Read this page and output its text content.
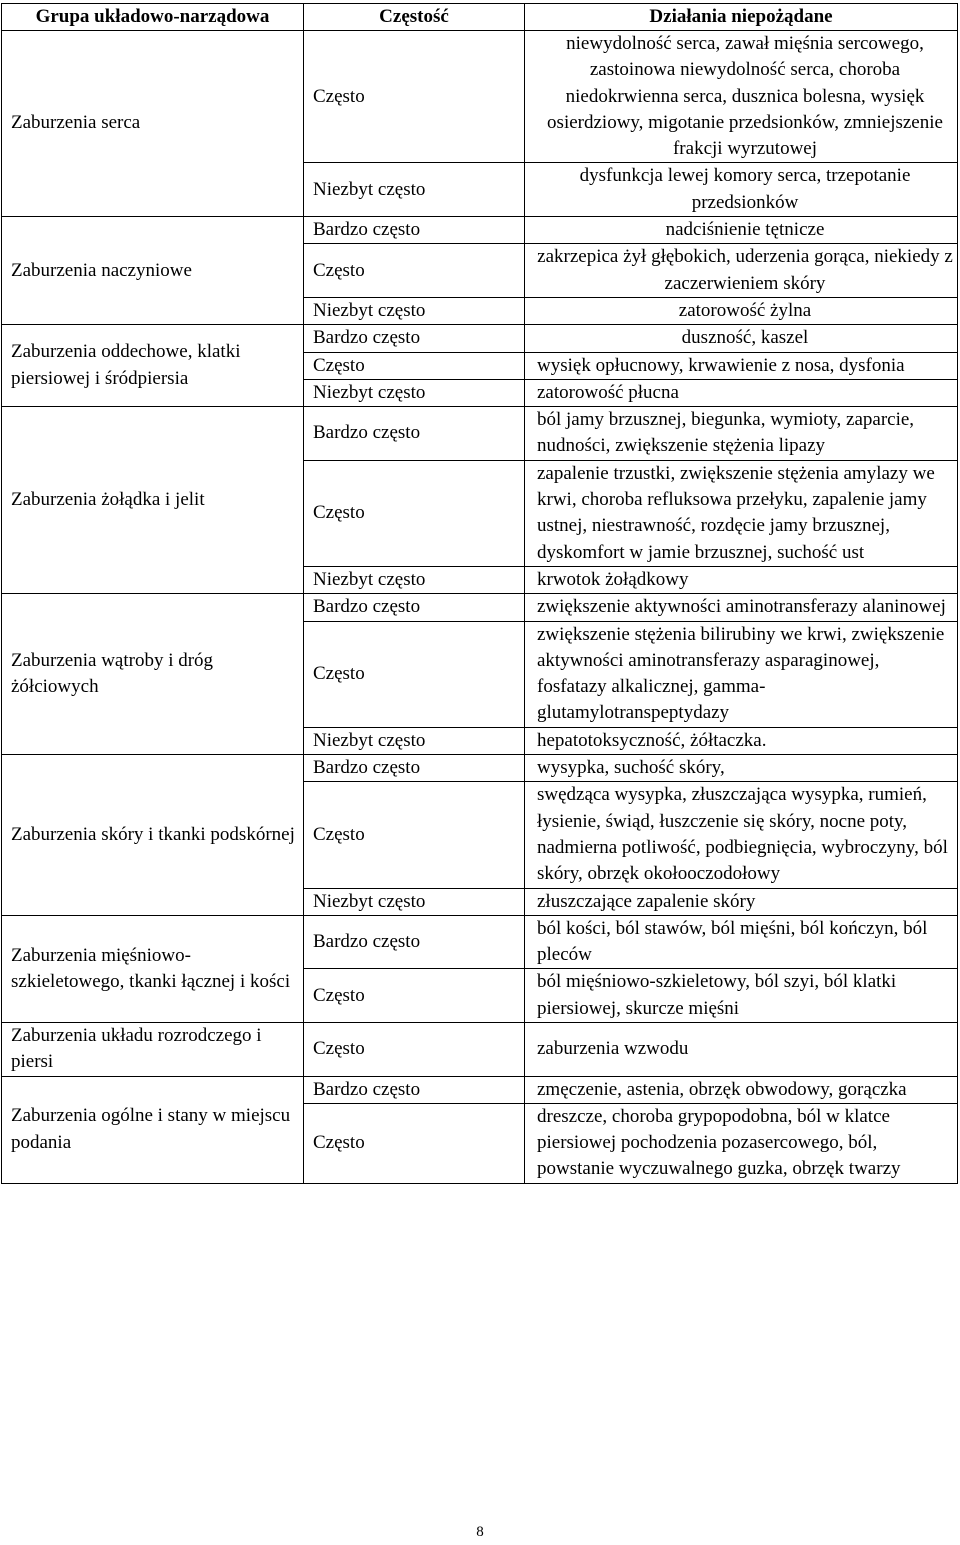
Grupa układowo-narządowa	Częstość	Działania niepożądane
Zaburzenia serca	Często	niewydolność serca, zawał mięśnia sercowego, zastoinowa niewydolność serca, choroba niedokrwienna serca, dusznica bolesna, wysięk osierdziowy, migotanie przedsionków, zmniejszenie frakcji wyrzutowej
	Niezbyt często	dysfunkcja lewej komory serca, trzepotanie przedsionków
Zaburzenia naczyniowe	Bardzo często	nadciśnienie tętnicze
	Często	zakrzepica żył głębokich, uderzenia gorąca, niekiedy z zaczerwieniem skóry
	Niezbyt często	zatorowość żylna
Zaburzenia oddechowe, klatki piersiowej i śródpiersia	Bardzo często	duszność, kaszel
	Często	wysięk opłucnowy, krwawienie z nosa, dysfonia
	Niezbyt często	zatorowość płucna
Zaburzenia żołądka i jelit	Bardzo często	ból jamy brzusznej, biegunka, wymioty, zaparcie, nudności, zwiększenie stężenia lipazy
	Często	zapalenie trzustki, zwiększenie stężenia amylazy we krwi, choroba refluksowa przełyku, zapalenie jamy ustnej, niestrawność, rozdęcie jamy brzusznej, dyskomfort w jamie brzusznej, suchość ust
	Niezbyt często	krwotok żołądkowy
Zaburzenia wątroby i dróg żółciowych	Bardzo często	zwiększenie aktywności aminotransferazy alaninowej
	Często	zwiększenie stężenia bilirubiny we krwi, zwiększenie aktywności aminotransferazy asparaginowej, fosfatazy alkalicznej, gamma-glutamylotranspeptydazy
	Niezbyt często	hepatotoksyczność, żółtaczka.
Zaburzenia skóry i tkanki podskórnej	Bardzo często	wysypka, suchość skóry,
	Często	swędząca wysypka, złuszczająca wysypka, rumień, łysienie, świąd, łuszczenie się skóry, nocne poty, nadmierna potliwość, podbiegnięcia, wybroczyny, ból skóry, obrzęk okołooczodołowy
	Niezbyt często	złuszczające zapalenie skóry
Zaburzenia mięśniowo-szkieletowego, tkanki łącznej i kości	Bardzo często	ból kości, ból stawów, ból mięśni, ból kończyn, ból pleców
	Często	ból mięśniowo-szkieletowy, ból szyi, ból klatki piersiowej, skurcze mięśni
Zaburzenia układu rozrodczego i piersi	Często	zaburzenia wzwodu
Zaburzenia ogólne i stany w miejscu podania	Bardzo często	zmęczenie, astenia, obrzęk obwodowy, gorączka
	Często	dreszcze, choroba grypopodobna, ból w klatce piersiowej pochodzenia pozasercowego, ból, powstanie wyczuwalnego guzka, obrzęk twarzy
8
